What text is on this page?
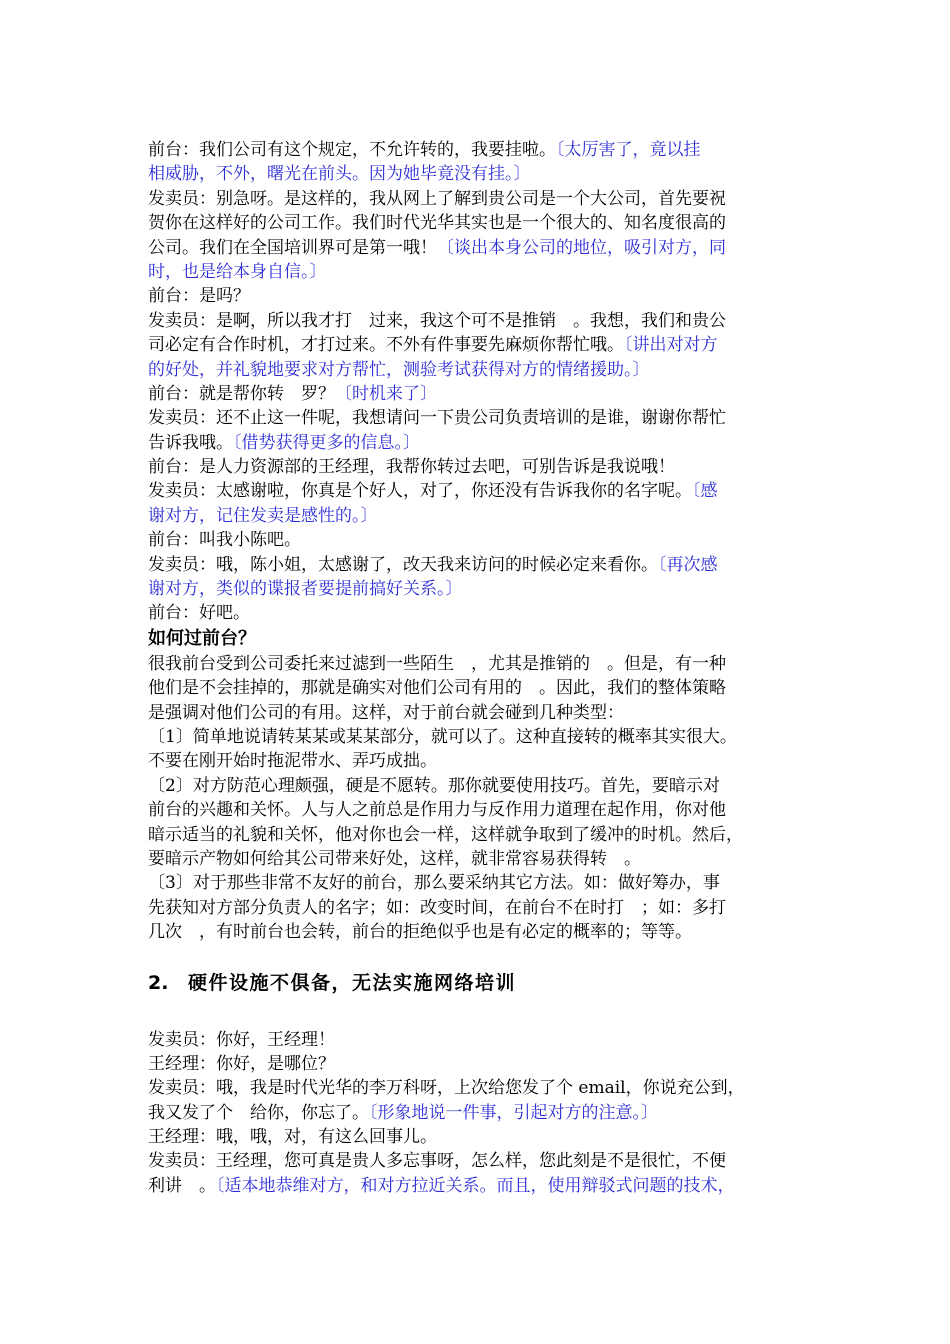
前台：我们公司有这个规定，不允许转的，我要挂啦。〔太厉害了，竟以挂
相威胁，不外，曙光在前头。因为她毕竟没有挂。〕
发卖员：别急呀。是这样的，我从网上了解到贵公司是一个大公司，首先要祝
贺你在这样好的公司工作。我们时代光华其实也是一个很大的、知名度很高的
公司。我们在全国培训界可是第一哦！〔谈出本身公司的地位，吸引对方，同
时，也是给本身自信。〕
前台：是吗？
发卖员：是啊，所以我才打　过来，我这个可不是推销　。我想，我们和贵公
司必定有合作时机，才打过来。不外有件事要先麻烦你帮忙哦。〔讲出对对方
的好处，并礼貌地要求对方帮忙，测验考试获得对方的情绪援助。〕
前台：就是帮你转　罗？〔时机来了〕
发卖员：还不止这一件呢，我想请问一下贵公司负责培训的是谁，谢谢你帮忙
告诉我哦。〔借势获得更多的信息。〕
前台：是人力资源部的王经理，我帮你转过去吧，可别告诉是我说哦！
发卖员：太感谢啦，你真是个好人，对了，你还没有告诉我你的名字呢。〔感
谢对方，记住发卖是感性的。〕
前台：叫我小陈吧。
发卖员：哦，陈小姐，太感谢了，改天我来访问的时候必定来看你。〔再次感
谢对方，类似的谍报者要提前搞好关系。〕
前台：好吧。
如何过前台？
很我前台受到公司委托来过滤到一些陌生　，尤其是推销的　。但是，有一种
他们是不会挂掉的，那就是确实对他们公司有用的　。因此，我们的整体策略
是强调对他们公司的有用。这样，对于前台就会碰到几种类型：
〔1〕简单地说请转某某或某某部分，就可以了。这种直接转的概率其实很大。
不要在刚开始时拖泥带水、弄巧成拙。
〔2〕对方防范心理颇强，硬是不愿转。那你就要使用技巧。首先，要暗示对
前台的兴趣和关怀。人与人之前总是作用力与反作用力道理在起作用，你对他
暗示适当的礼貌和关怀，他对你也会一样，这样就争取到了缓冲的时机。然后，
要暗示产物如何给其公司带来好处，这样，就非常容易获得转　。
〔3〕对于那些非常不友好的前台，那么要采纳其它方法。如：做好筹办，事
先获知对方部分负责人的名字；如：改变时间，在前台不在时打　；如：多打
几次　，有时前台也会转，前台的拒绝似乎也是有必定的概率的；等等。
2. 硬件设施不俱备，无法实施网络培训
发卖员：你好，王经理！
王经理：你好，是哪位？
发卖员：哦，我是时代光华的李万科呀，上次给您发了个 email，你说充公到，
我又发了个　给你，你忘了。〔形象地说一件事，引起对方的注意。〕
王经理：哦，哦，对，有这么回事儿。
发卖员：王经理，您可真是贵人多忘事呀，怎么样，您此刻是不是很忙，不便
利讲　。〔适本地恭维对方，和对方拉近关系。而且，使用辩驳式问题的技术，
